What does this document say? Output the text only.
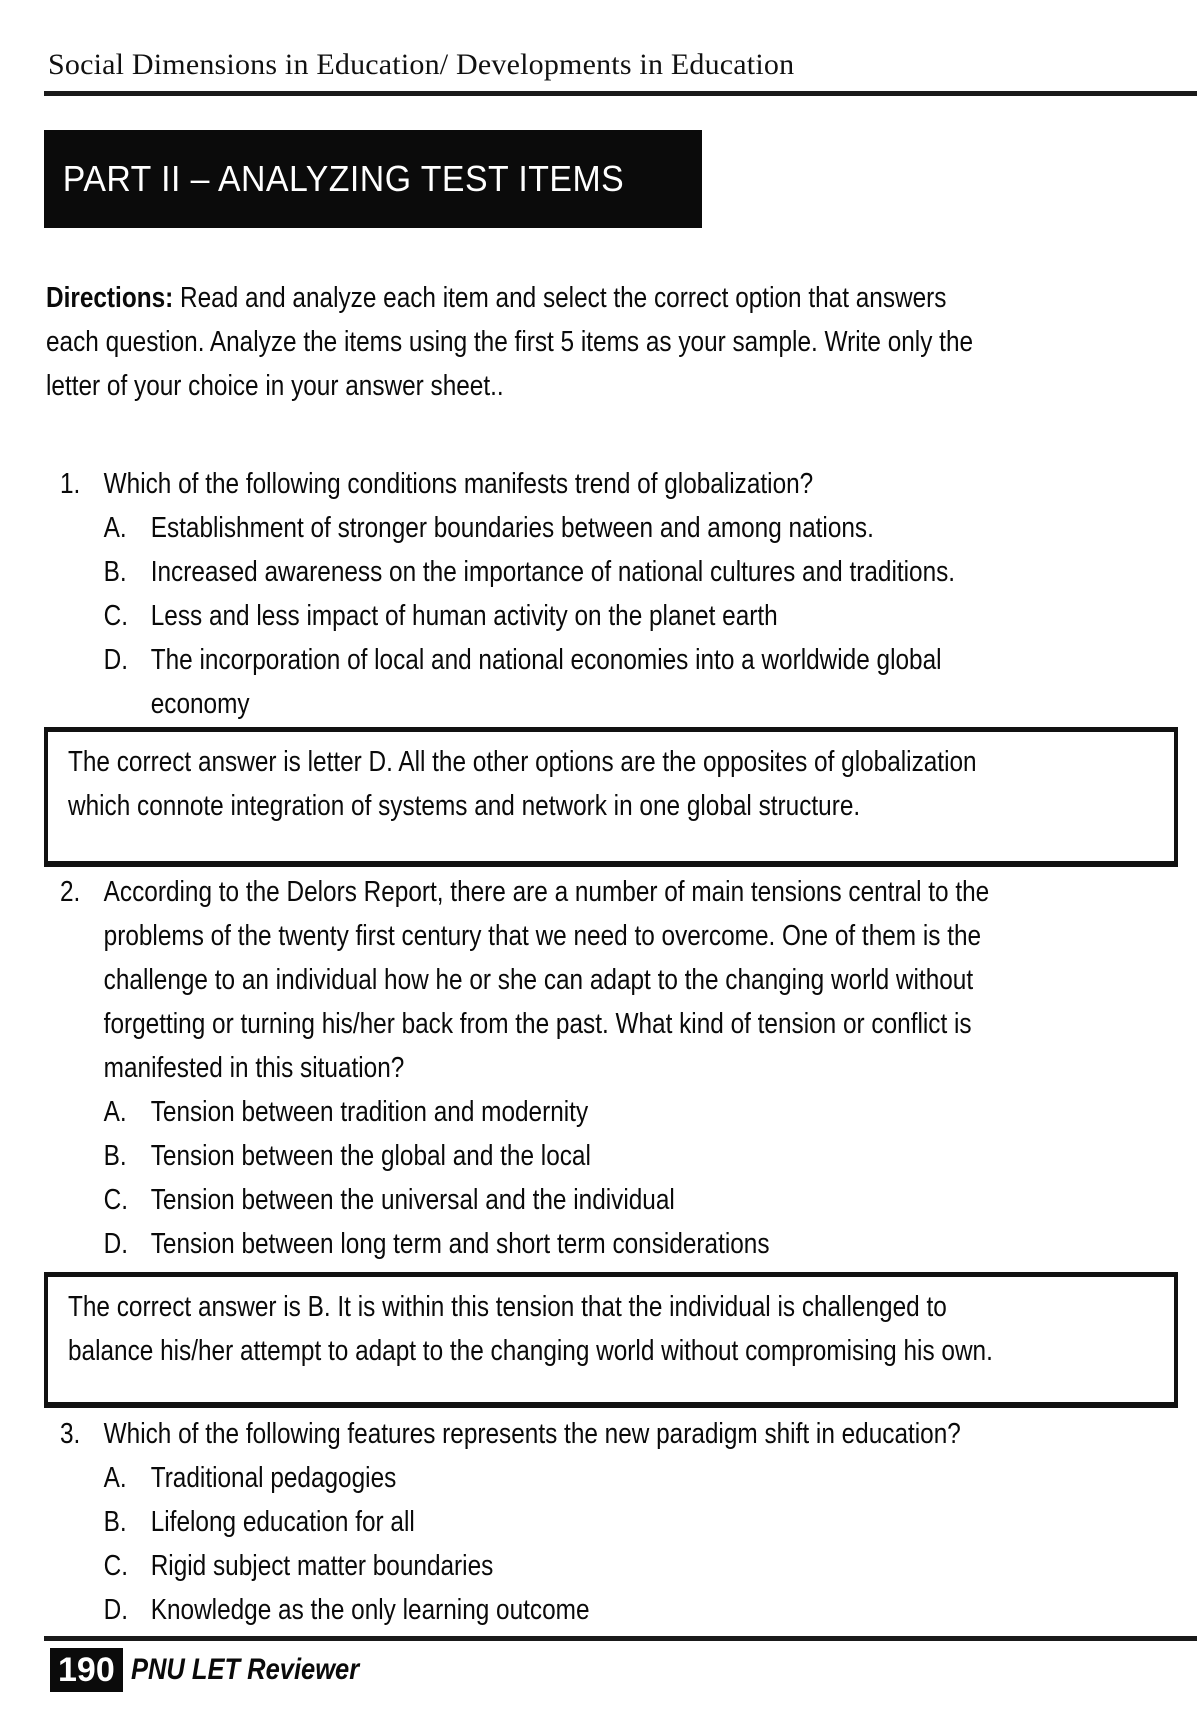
Social Dimensions in Education/ Developments in Education
PART II – ANALYZING TEST ITEMS
Directions: Read and analyze each item and select the correct option that answers
each question. Analyze the items using the first 5 items as your sample. Write only the
letter of your choice in your answer sheet..
1. Which of the following conditions manifests trend of globalization?
A. Establishment of stronger boundaries between and among nations.
B. Increased awareness on the importance of national cultures and traditions.
C. Less and less impact of human activity on the planet earth
D. The incorporation of local and national economies into a worldwide global
economy
The correct answer is letter D. All the other options are the opposites of globalization
which connote integration of systems and network in one global structure.
2. According to the Delors Report, there are a number of main tensions central to the
problems of the twenty first century that we need to overcome. One of them is the
challenge to an individual how he or she can adapt to the changing world without
forgetting or turning his/her back from the past. What kind of tension or conflict is
manifested in this situation?
A. Tension between tradition and modernity
B. Tension between the global and the local
C. Tension between the universal and the individual
D. Tension between long term and short term considerations
The correct answer is B. It is within this tension that the individual is challenged to
balance his/her attempt to adapt to the changing world without compromising his own.
3. Which of the following features represents the new paradigm shift in education?
A. Traditional pedagogies
B. Lifelong education for all
C. Rigid subject matter boundaries
D. Knowledge as the only learning outcome
190 PNU LET Reviewer
